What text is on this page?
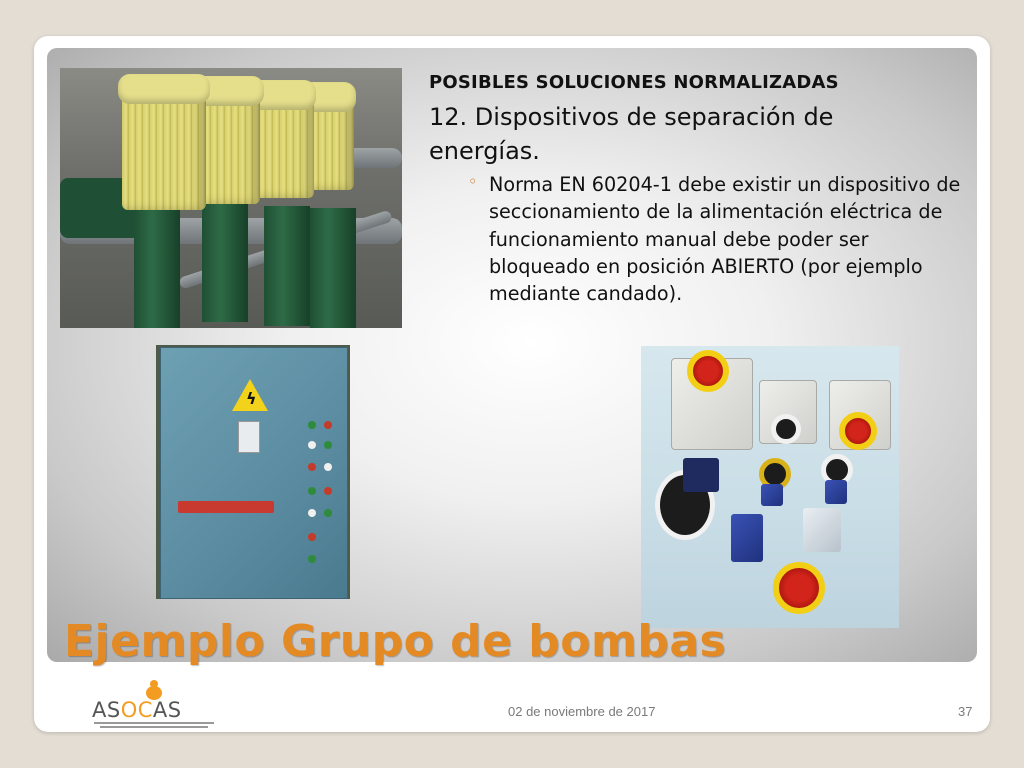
ϟ
POSIBLES SOLUCIONES NORMALIZADAS
12. Dispositivos de separación de energías.
◦ Norma EN 60204-1 debe existir un dispositivo de seccionamiento de la alimentación eléctrica de funcionamiento manual debe poder ser bloqueado en posición ABIERTO (por ejemplo mediante candado).
Ejemplo Grupo de bombas
ASOCAS	02 de noviembre de 2017	37
